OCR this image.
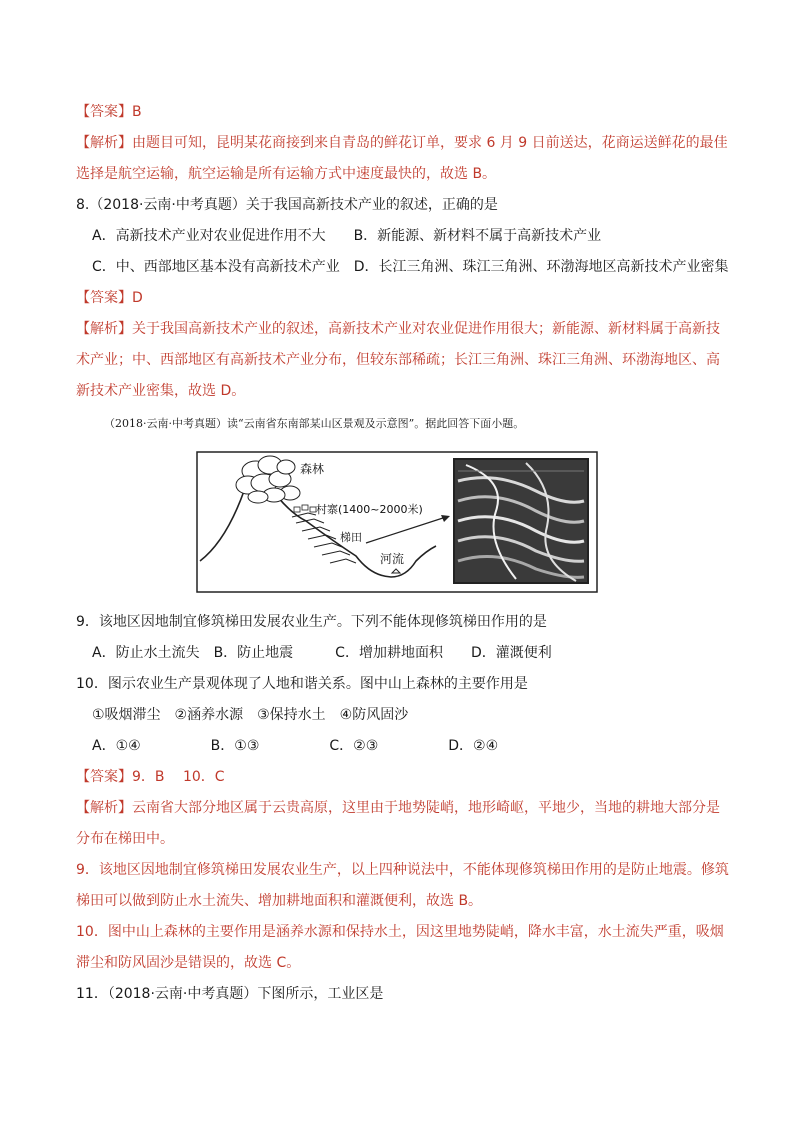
【答案】B
【解析】由题目可知，昆明某花商接到来自青岛的鲜花订单，要求 6 月 9 日前送达，花商运送鲜花的最佳
选择是航空运输，航空运输是所有运输方式中速度最快的，故选 B。
8.（2018·云南·中考真题）关于我国高新技术产业的叙述，正确的是
A．高新技术产业对农业促进作用不大　　B．新能源、新材料不属于高新技术产业
C．中、西部地区基本没有高新技术产业　D．长江三角洲、珠江三角洲、环渤海地区高新技术产业密集
【答案】D
【解析】关于我国高新技术产业的叙述，高新技术产业对农业促进作用很大；新能源、新材料属于高新技
术产业；中、西部地区有高新技术产业分布，但较东部稀疏；长江三角洲、珠江三角洲、环渤海地区、高
新技术产业密集，故选 D。
（2018·云南·中考真题）读“云南省东南部某山区景观及示意图”。据此回答下面小题。
森林
村寨(1400~2000米)
梯田
河流
9．该地区因地制宜修筑梯田发展农业生产。下列不能体现修筑梯田作用的是
A．防止水土流失　B．防止地震　　　C．增加耕地面积　　D．灌溉便利
10．图示农业生产景观体现了人地和谐关系。图中山上森林的主要作用是
①吸烟滞尘　②涵养水源　③保持水土　④防风固沙
A．①④　　　　　B．①③　　　　　C．②③　　　　　D．②④
【答案】9．B　 10．C
【解析】云南省大部分地区属于云贵高原，这里由于地势陡峭，地形崎岖，平地少，当地的耕地大部分是
分布在梯田中。
9．该地区因地制宜修筑梯田发展农业生产，以上四种说法中，不能体现修筑梯田作用的是防止地震。修筑
梯田可以做到防止水土流失、增加耕地面积和灌溉便利，故选 B。
10．图中山上森林的主要作用是涵养水源和保持水土，因这里地势陡峭，降水丰富，水土流失严重，吸烟
滞尘和防风固沙是错误的，故选 C。
11．（2018·云南·中考真题）下图所示，工业区是
